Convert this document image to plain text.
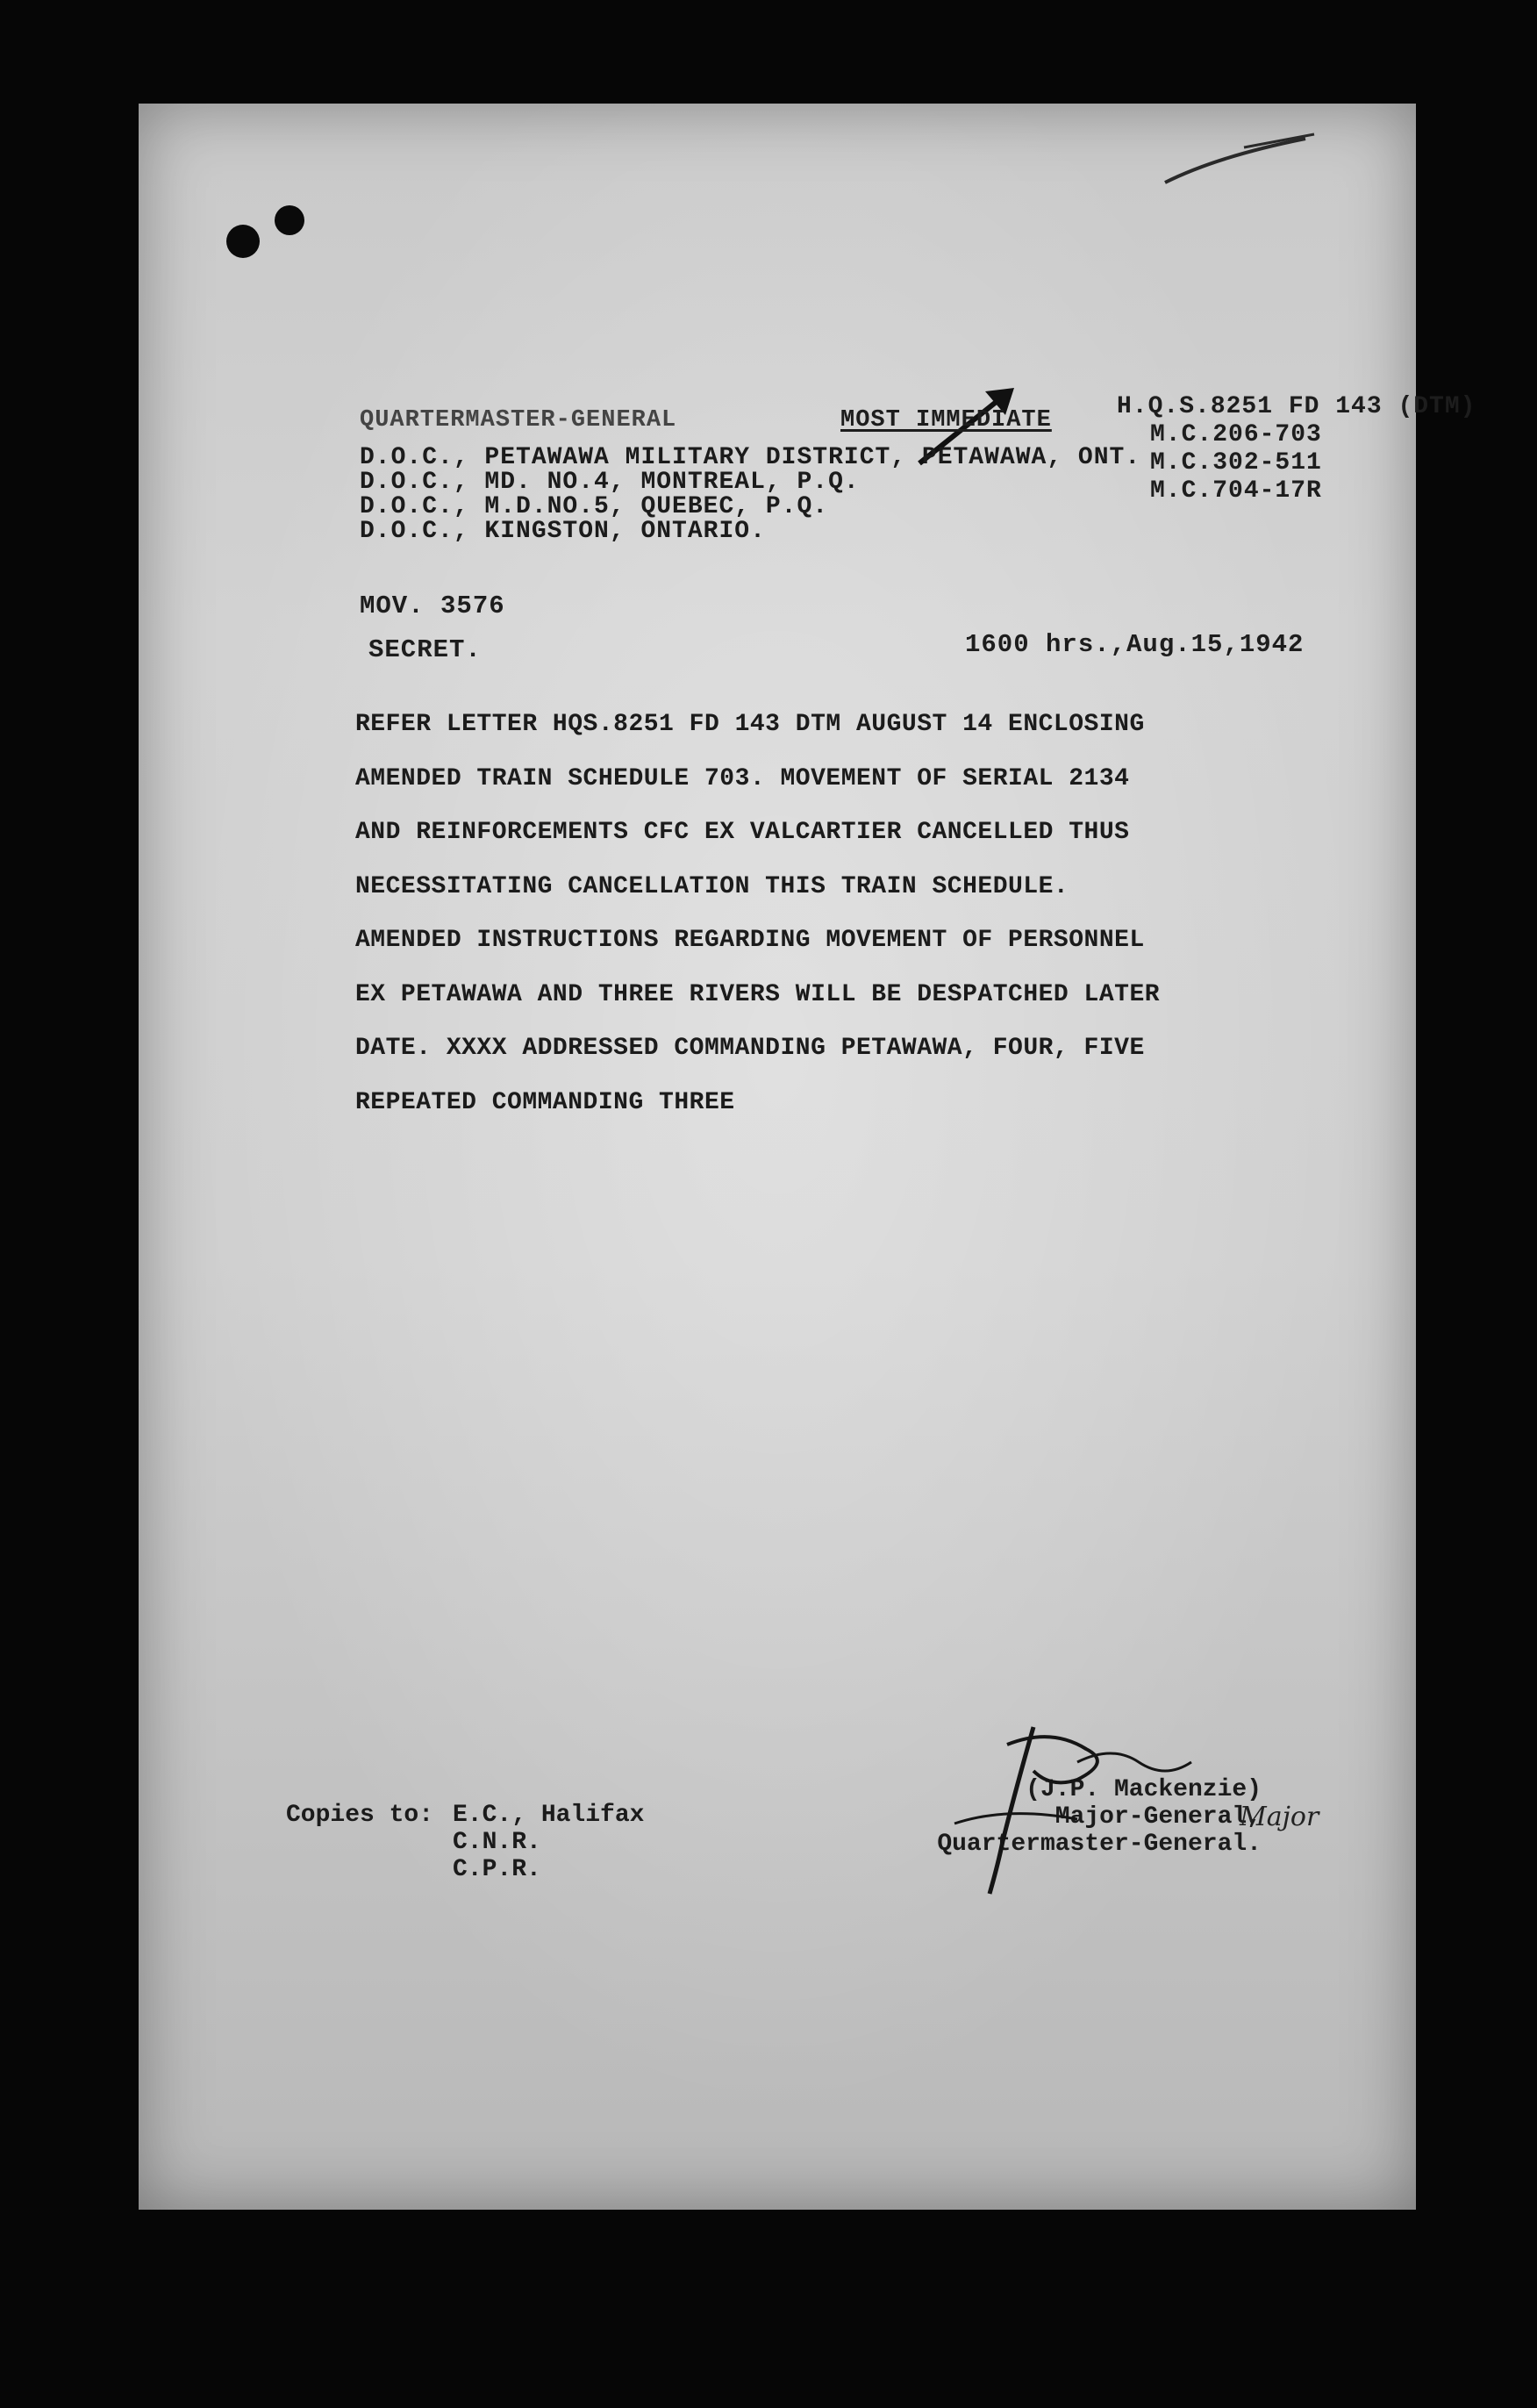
H.Q.S.8251 FD 143 (DTM)
M.C.206-703
M.C.302-511
M.C.704-17R
QUARTERMASTER-GENERAL	MOST IMMEDIATE
D.O.C., PETAWAWA MILITARY DISTRICT, PETAWAWA, ONT.
D.O.C., MD. NO.4, MONTREAL, P.Q.
D.O.C., M.D.NO.5, QUEBEC, P.Q.
D.O.C., KINGSTON, ONTARIO.
MOV. 3576
SECRET.	1600 hrs.,Aug.15,1942
REFER LETTER HQS.8251 FD 143 DTM AUGUST 14 ENCLOSING
AMENDED TRAIN SCHEDULE 703. MOVEMENT OF SERIAL 2134
AND REINFORCEMENTS CFC EX VALCARTIER CANCELLED THUS
NECESSITATING CANCELLATION THIS TRAIN SCHEDULE.
AMENDED INSTRUCTIONS REGARDING MOVEMENT OF PERSONNEL
EX PETAWAWA AND THREE RIVERS WILL BE DESPATCHED LATER
DATE. XXXX ADDRESSED COMMANDING PETAWAWA, FOUR, FIVE
REPEATED COMMANDING THREE
Copies to: E.C., Halifax
C.N.R.
C.P.R.
(J.P. Mackenzie)
Major-General,
Quartermaster-General.
Major
